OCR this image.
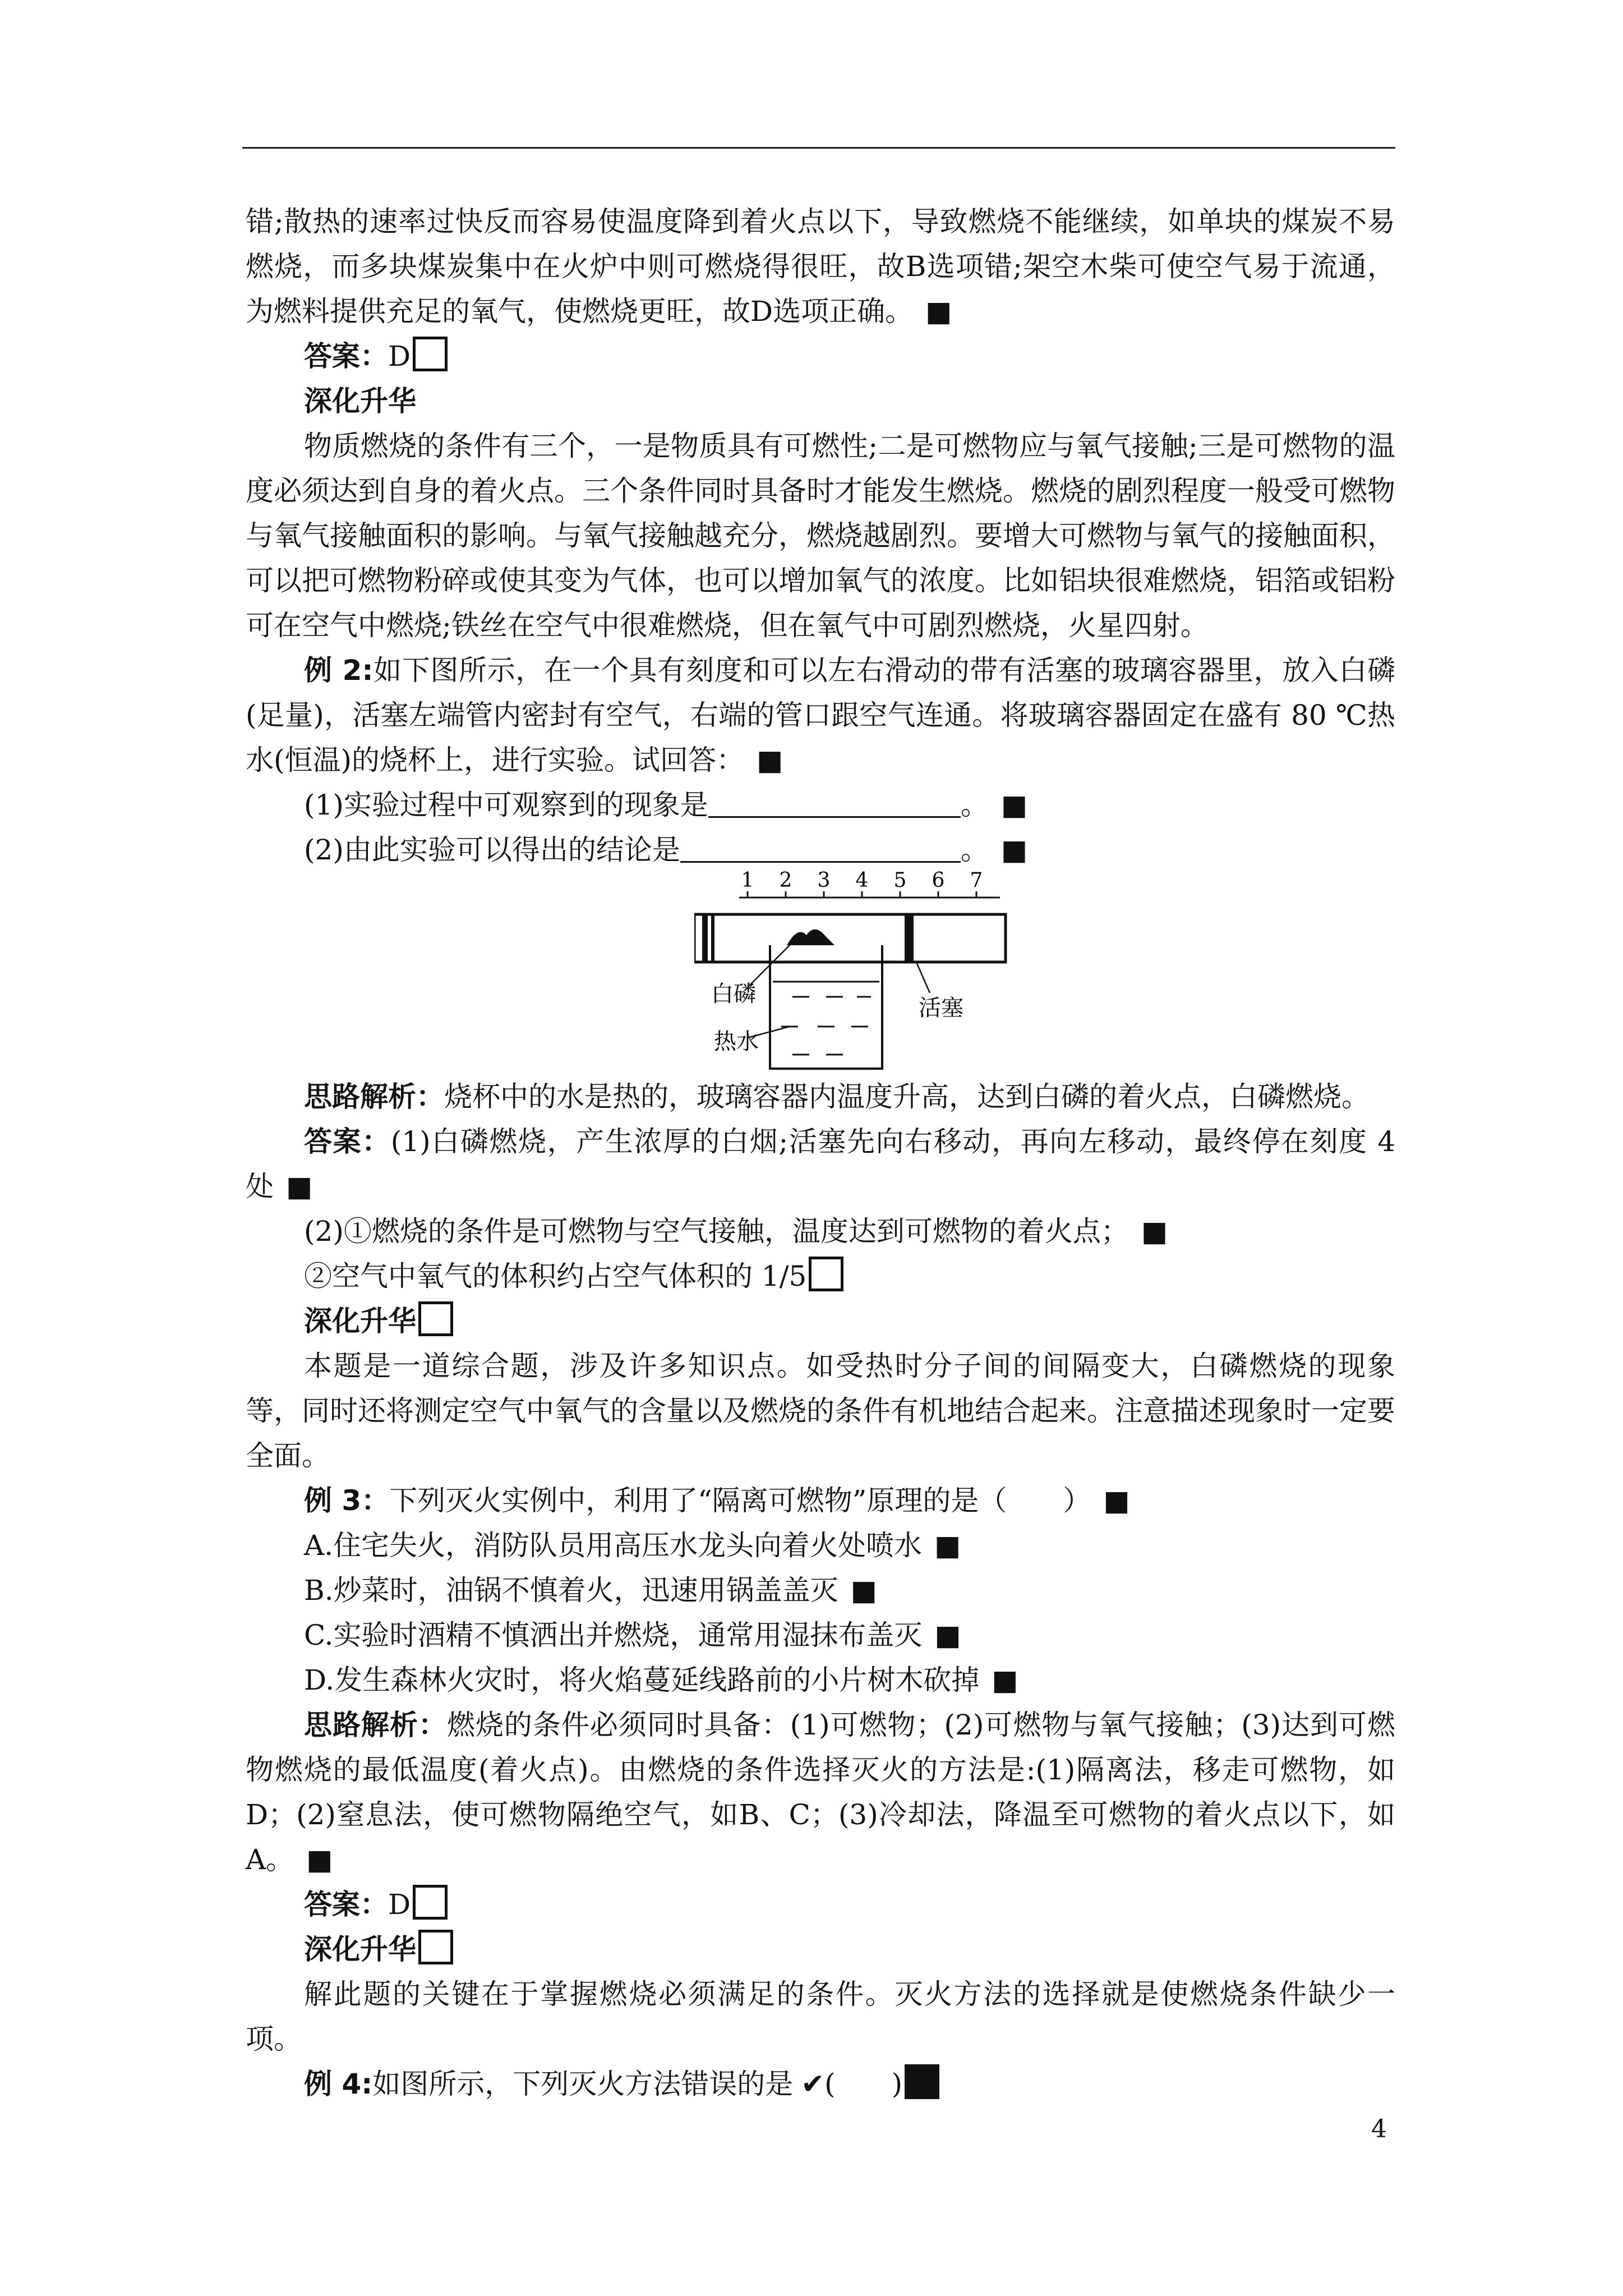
错;散热的速率过快反而容易使温度降到着火点以下，导致燃烧不能继续，如单块的煤炭不易燃烧，而多块煤炭集中在火炉中则可燃烧得很旺，故B选项错;架空木柴可使空气易于流通，为燃料提供充足的氧气，使燃烧更旺，故D选项正确。 ■

答案：D

深化升华

物质燃烧的条件有三个，一是物质具有可燃性;二是可燃物应与氧气接触;三是可燃物的温度必须达到自身的着火点。三个条件同时具备时才能发生燃烧。燃烧的剧烈程度一般受可燃物与氧气接触面积的影响。与氧气接触越充分，燃烧越剧烈。要增大可燃物与氧气的接触面积，可以把可燃物粉碎或使其变为气体，也可以增加氧气的浓度。比如铝块很难燃烧，铝箔或铝粉可在空气中燃烧;铁丝在空气中很难燃烧，但在氧气中可剧烈燃烧，火星四射。

例 2:如下图所示，在一个具有刻度和可以左右滑动的带有活塞的玻璃容器里，放入白磷(足量)，活塞左端管内密封有空气，右端的管口跟空气连通。将玻璃容器固定在盛有 80 ℃热水(恒温)的烧杯上，进行实验。试回答： ■

(1)实验过程中可观察到的现象是	。 ■

(2)由此实验可以得出的结论是	。 ■

1 2 3 4 5 6 7
白磷
活塞
热水

思路解析：烧杯中的水是热的，玻璃容器内温度升高，达到白磷的着火点，白磷燃烧。

答案：(1)白磷燃烧，产生浓厚的白烟;活塞先向右移动，再向左移动，最终停在刻度 4 处 ■

(2)①燃烧的条件是可燃物与空气接触，温度达到可燃物的着火点； ■

②空气中氧气的体积约占空气体积的 1/5

深化升华

本题是一道综合题，涉及许多知识点。如受热时分子间的间隔变大，白磷燃烧的现象等，同时还将测定空气中氧气的含量以及燃烧的条件有机地结合起来。注意描述现象时一定要全面。

例 3：下列灭火实例中，利用了“隔离可燃物”原理的是（　　） ■

A.住宅失火，消防队员用高压水龙头向着火处喷水 ■

B.炒菜时，油锅不慎着火，迅速用锅盖盖灭 ■

C.实验时酒精不慎洒出并燃烧，通常用湿抹布盖灭 ■

D.发生森林火灾时，将火焰蔓延线路前的小片树木砍掉 ■

思路解析：燃烧的条件必须同时具备：(1)可燃物；(2)可燃物与氧气接触；(3)达到可燃物燃烧的最低温度(着火点)。由燃烧的条件选择灭火的方法是:(1)隔离法，移走可燃物，如D；(2)窒息法，使可燃物隔绝空气，如B、C；(3)冷却法，降温至可燃物的着火点以下，如A。 ■

答案：D

深化升华

解此题的关键在于掌握燃烧必须满足的条件。灭火方法的选择就是使燃烧条件缺少一项。

例 4:如图所示，下列灭火方法错误的是 ✔(　　)

4
